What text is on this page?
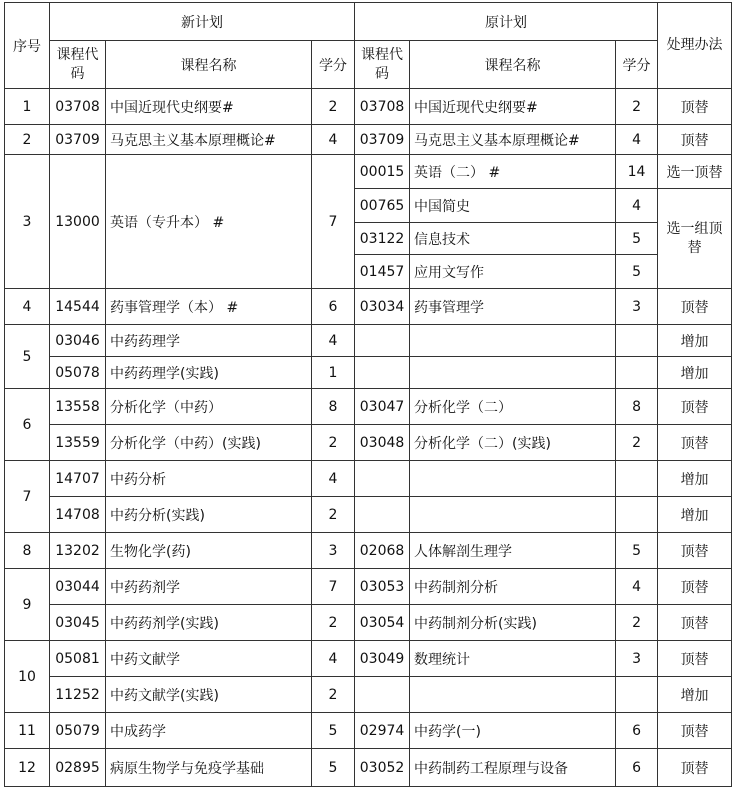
序号	新计划			原计划			处理办法
	课程代码	课程名称	学分	课程代码	课程名称	学分	
1	03708	中国近现代史纲要#	2	03708	中国近现代史纲要#	2	顶替
2	03709	马克思主义基本原理概论#	4	03709	马克思主义基本原理概论#	4	顶替
3	13000	英语（专升本） #	7	00015	英语（二） #	14	选一顶替
				00765	中国简史	4	选一组顶替
				03122	信息技术	5	
				01457	应用文写作	5	
4	14544	药事管理学（本） #	6	03034	药事管理学	3	顶替
5	03046	中药药理学	4				增加
	05078	中药药理学(实践)	1				增加
6	13558	分析化学（中药）	8	03047	分析化学（二）	8	顶替
	13559	分析化学（中药）(实践)	2	03048	分析化学（二）(实践)	2	顶替
7	14707	中药分析	4				增加
	14708	中药分析(实践)	2				增加
8	13202	生物化学(药)	3	02068	人体解剖生理学	5	顶替
9	03044	中药药剂学	7	03053	中药制剂分析	4	顶替
	03045	中药药剂学(实践)	2	03054	中药制剂分析(实践)	2	顶替
10	05081	中药文献学	4	03049	数理统计	3	顶替
	11252	中药文献学(实践)	2				增加
11	05079	中成药学	5	02974	中药学(一)	6	顶替
12	02895	病原生物学与免疫学基础	5	03052	中药制药工程原理与设备	6	顶替
